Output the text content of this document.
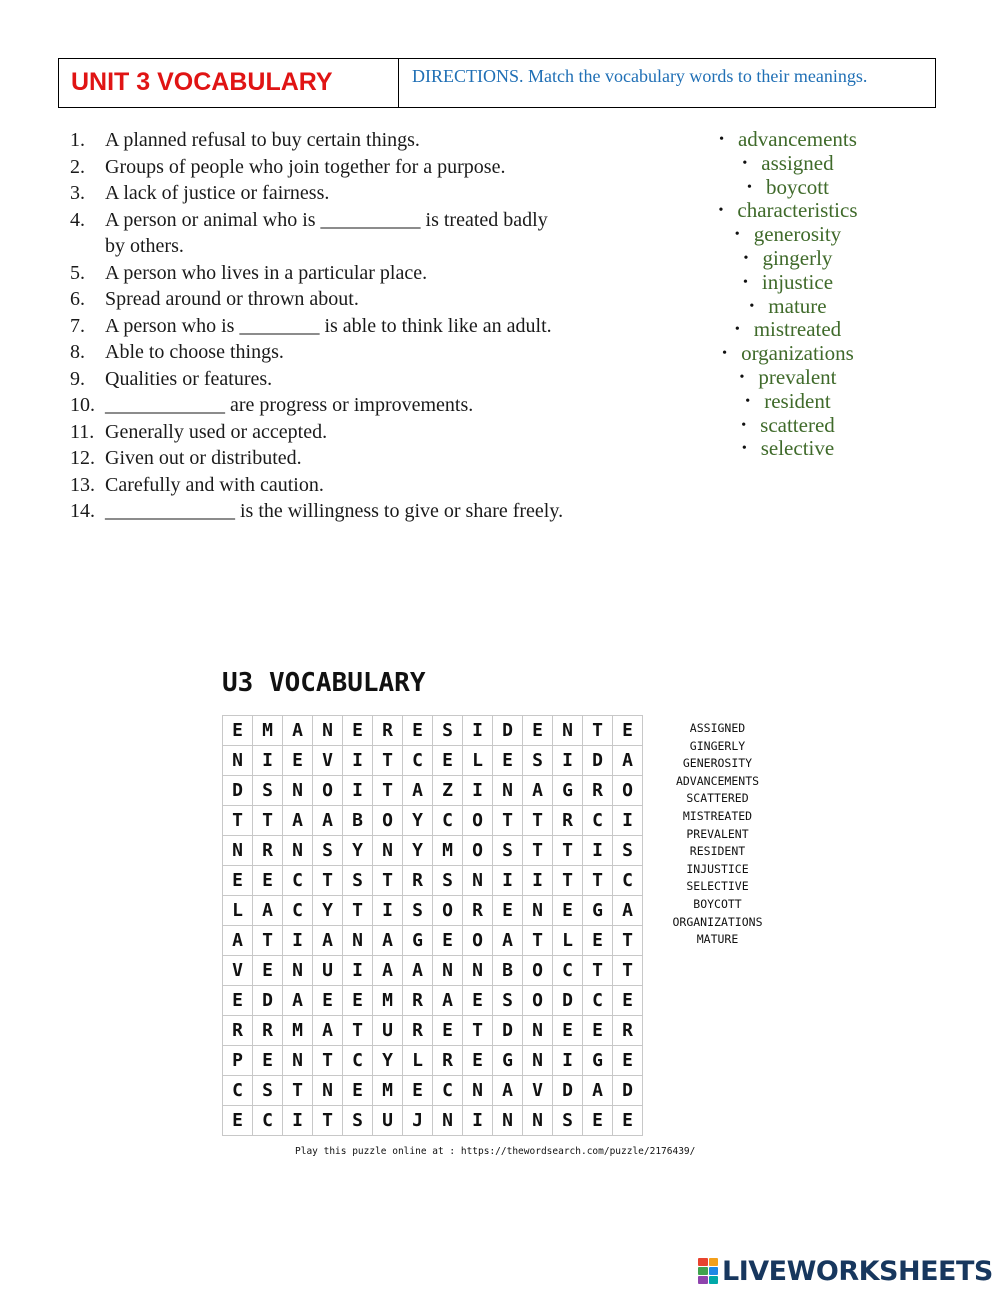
UNIT 3 VOCABULARY	DIRECTIONS. Match the vocabulary words to their meanings.
1.	A planned refusal to buy certain things.
2.	Groups of people who join together for a purpose.
3.	A lack of justice or fairness.
4.	A person or animal who is __________ is treated badly by others.
5.	A person who lives in a particular place.
6.	Spread around or thrown about.
7.	A person who is ________ is able to think like an adult.
8.	Able to choose things.
9.	Qualities or features.
10. ____________ are progress or improvements.
11. Generally used or accepted.
12. Given out or distributed.
13. Carefully and with caution.
14. _____________ is the willingness to give or share freely.
• advancements
• assigned
• boycott
• characteristics
• generosity
• gingerly
• injustice
• mature
• mistreated
• organizations
• prevalent
• resident
• scattered
• selective
U3 VOCABULARY
E	M	A	N	E	R	E	S	I	D	E	N	T	E
N	I	E	V	I	T	C	E	L	E	S	I	D	A
D	S	N	O	I	T	A	Z	I	N	A	G	R	O
T	T	A	A	B	O	Y	C	O	T	T	R	C	I
N	R	N	S	Y	N	Y	M	O	S	T	T	I	S
E	E	C	T	S	T	R	S	N	I	I	T	T	C
L	A	C	Y	T	I	S	O	R	E	N	E	G	A
A	T	I	A	N	A	G	E	O	A	T	L	E	T
V	E	N	U	I	A	A	N	N	B	O	C	T	T
E	D	A	E	E	M	R	A	E	S	O	D	C	E
R	R	M	A	T	U	R	E	T	D	N	E	E	R
P	E	N	T	C	Y	L	R	E	G	N	I	G	E
C	S	T	N	E	M	E	C	N	A	V	D	A	D
E	C	I	T	S	U	J	N	I	N	N	S	E	E
ASSIGNED
GINGERLY
GENEROSITY
ADVANCEMENTS
SCATTERED
MISTREATED
PREVALENT
RESIDENT
INJUSTICE
SELECTIVE
BOYCOTT
ORGANIZATIONS
MATURE
Play this puzzle online at : https://thewordsearch.com/puzzle/2176439/
LIVEWORKSHEETS
